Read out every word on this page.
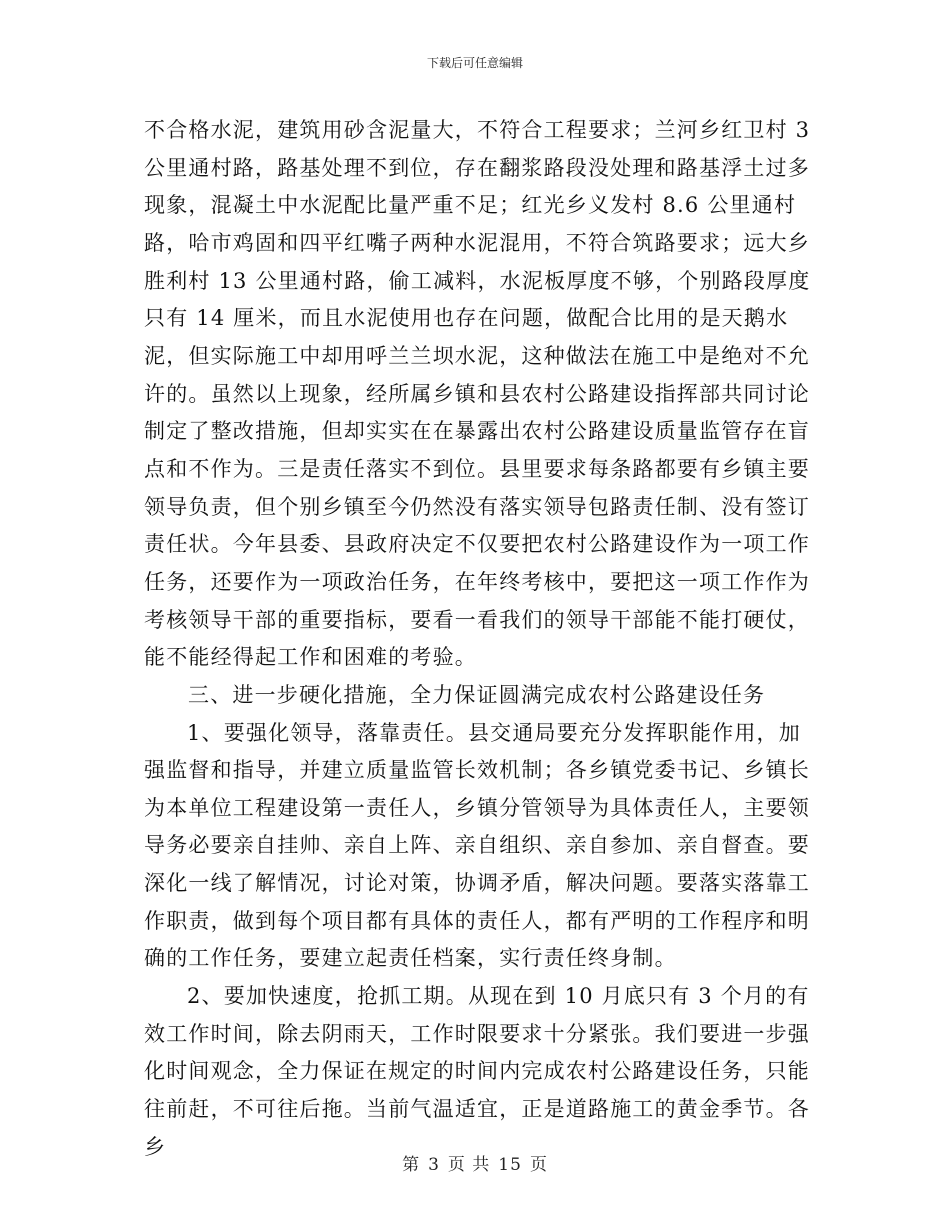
下载后可任意编辑

不合格水泥，建筑用砂含泥量大，不符合工程要求；兰河乡红卫村 3 公里通村路，路基处理不到位，存在翻浆路段没处理和路基浮土过多现象，混凝土中水泥配比量严重不足；红光乡义发村 8.6 公里通村路，哈市鸡固和四平红嘴子两种水泥混用，不符合筑路要求；远大乡胜利村 13 公里通村路，偷工减料，水泥板厚度不够，个别路段厚度只有 14 厘米，而且水泥使用也存在问题，做配合比用的是天鹅水泥，但实际施工中却用呼兰兰坝水泥，这种做法在施工中是绝对不允许的。虽然以上现象，经所属乡镇和县农村公路建设指挥部共同讨论制定了整改措施，但却实实在在暴露出农村公路建设质量监管存在盲点和不作为。三是责任落实不到位。县里要求每条路都要有乡镇主要领导负责，但个别乡镇至今仍然没有落实领导包路责任制、没有签订责任状。今年县委、县政府决定不仅要把农村公路建设作为一项工作任务，还要作为一项政治任务，在年终考核中，要把这一项工作作为考核领导干部的重要指标，要看一看我们的领导干部能不能打硬仗，能不能经得起工作和困难的考验。

三、进一步硬化措施，全力保证圆满完成农村公路建设任务

1、要强化领导，落靠责任。县交通局要充分发挥职能作用，加强监督和指导，并建立质量监管长效机制；各乡镇党委书记、乡镇长为本单位工程建设第一责任人，乡镇分管领导为具体责任人，主要领导务必要亲自挂帅、亲自上阵、亲自组织、亲自参加、亲自督查。要深化一线了解情况，讨论对策，协调矛盾，解决问题。要落实落靠工作职责，做到每个项目都有具体的责任人，都有严明的工作程序和明确的工作任务，要建立起责任档案，实行责任终身制。

2、要加快速度，抢抓工期。从现在到 10 月底只有 3 个月的有效工作时间，除去阴雨天，工作时限要求十分紧张。我们要进一步强化时间观念，全力保证在规定的时间内完成农村公路建设任务，只能往前赶，不可往后拖。当前气温适宜，正是道路施工的黄金季节。各乡

第 3 页 共 15 页
